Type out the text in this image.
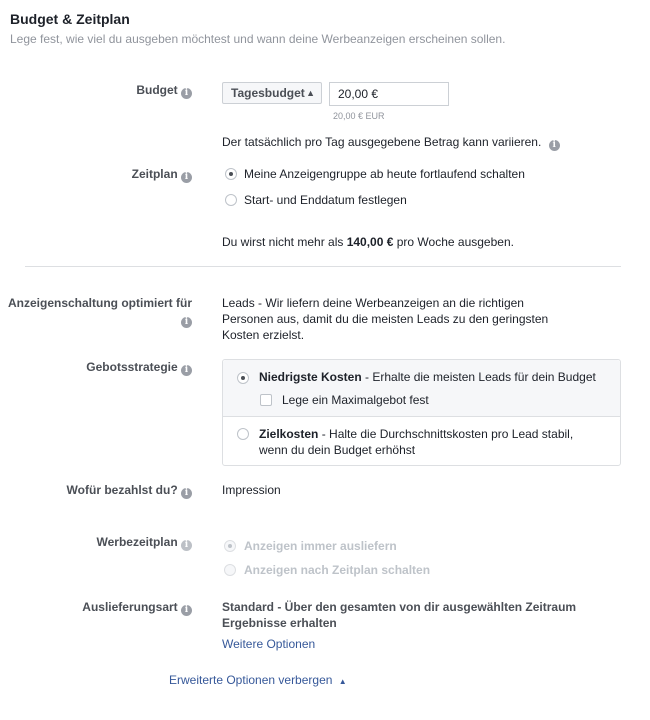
Budget & Zeitplan
Lege fest, wie viel du ausgeben möchtest und wann deine Werbeanzeigen erscheinen sollen.
Budget i	Tagesbudget ▲︎

20,00 €
20,00 € EUR
Der tatsächlich pro Tag ausgegebene Betrag kann variieren. i
Zeitplan i	Meine Anzeigengruppe ab heute fortlaufend schalten
Start- und Enddatum festlegen
Du wirst nicht mehr als 140,00 € pro Woche ausgeben.
Anzeigenschaltung optimiert für
i
Leads - Wir liefern deine Werbeanzeigen an die richtigen
Personen aus, damit du die meisten Leads zu den geringsten
Kosten erzielst.
Gebotsstrategie i	Niedrigste Kosten - Erhalte die meisten Leads für dein Budget
Lege ein Maximalgebot fest
Zielkosten - Halte die Durchschnittskosten pro Lead stabil,
wenn du dein Budget erhöhst
Wofür bezahlst du? i	Impression
Werbezeitplan i	Anzeigen immer ausliefern
Anzeigen nach Zeitplan schalten
Auslieferungsart i	Standard - Über den gesamten von dir ausgewählten Zeitraum
Ergebnisse erhalten
Weitere Optionen
Erweiterte Optionen verbergen ▲
